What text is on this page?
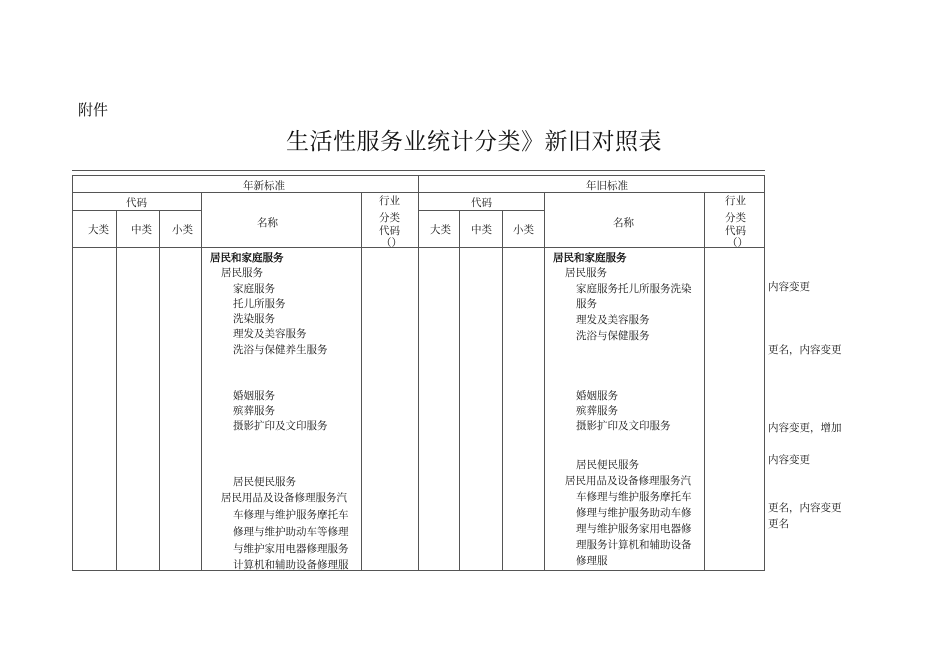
附件
生活性服务业统计分类》新旧对照表
年新标准	年旧标准
代码	代码
大类 中类 小类
名称
行业
分类
代码
（）
大类 中类 小类
名称
行业
分类
代码
（）
居民和家庭服务
居民服务
家庭服务
托儿所服务
洗染服务
理发及美容服务
洗浴与保健养生服务
婚姻服务
殡葬服务
摄影扩印及文印服务
居民便民服务
居民用品及设备修理服务汽
车修理与维护服务摩托车
修理与维护助动车等修理
与维护家用电器修理服务
计算机和辅助设备修理服
居民和家庭服务
居民服务
家庭服务托儿所服务洗染
服务
理发及美容服务
洗浴与保健服务
婚姻服务
殡葬服务
摄影扩印及文印服务
居民便民服务
居民用品及设备修理服务汽
车修理与维护服务摩托车
修理与维护服务助动车修
理与维护服务家用电器修
理服务计算机和辅助设备
修理服
内容变更
更名，内容变更
内容变更，增加
内容变更
更名，内容变更
更名
